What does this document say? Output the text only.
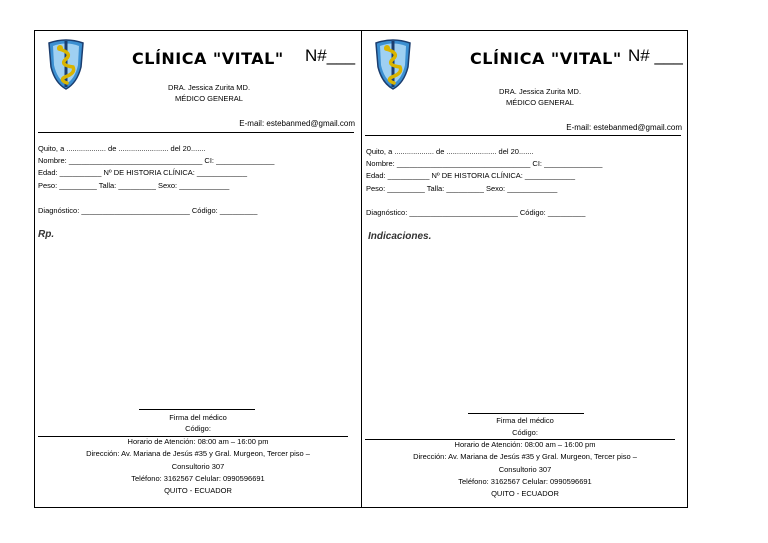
CLÍNICA "VITAL" N#___
DRA. Jessica Zurita MD.
MÉDICO GENERAL
E-mail: estebanmed@gmail.com
Quito, a ................... de ........................ del 20.......
Nombre: ________________________________ CI: ______________
Edad: __________ Nº DE HISTORIA CLÍNICA: ____________
Peso: _________ Talla: _________ Sexo: ____________
Diagnóstico: __________________________ Código: _________
Rp.
Firma del médico
Código:
Horario de Atención: 08:00 am – 16:00 pm
Dirección: Av. Mariana de Jesús #35 y Gral. Murgeon, Tercer piso –
Consultorio 307
Teléfono: 3162567 Celular: 0990596691
QUITO - ECUADOR
CLÍNICA "VITAL" N# ___
DRA. Jessica Zurita MD.
MÉDICO GENERAL
E-mail: estebanmed@gmail.com
Quito, a ................... de ........................ del 20.......
Nombre: ________________________________ CI: ______________
Edad: __________ Nº DE HISTORIA CLÍNICA: ____________
Peso: _________ Talla: _________ Sexo: ____________
Diagnóstico: __________________________ Código: _________
Indicaciones.
Firma del médico
Código:
Horario de Atención: 08:00 am – 16:00 pm
Dirección: Av. Mariana de Jesús #35 y Gral. Murgeon, Tercer piso –
Consultorio 307
Teléfono: 3162567 Celular: 0990596691
QUITO - ECUADOR
